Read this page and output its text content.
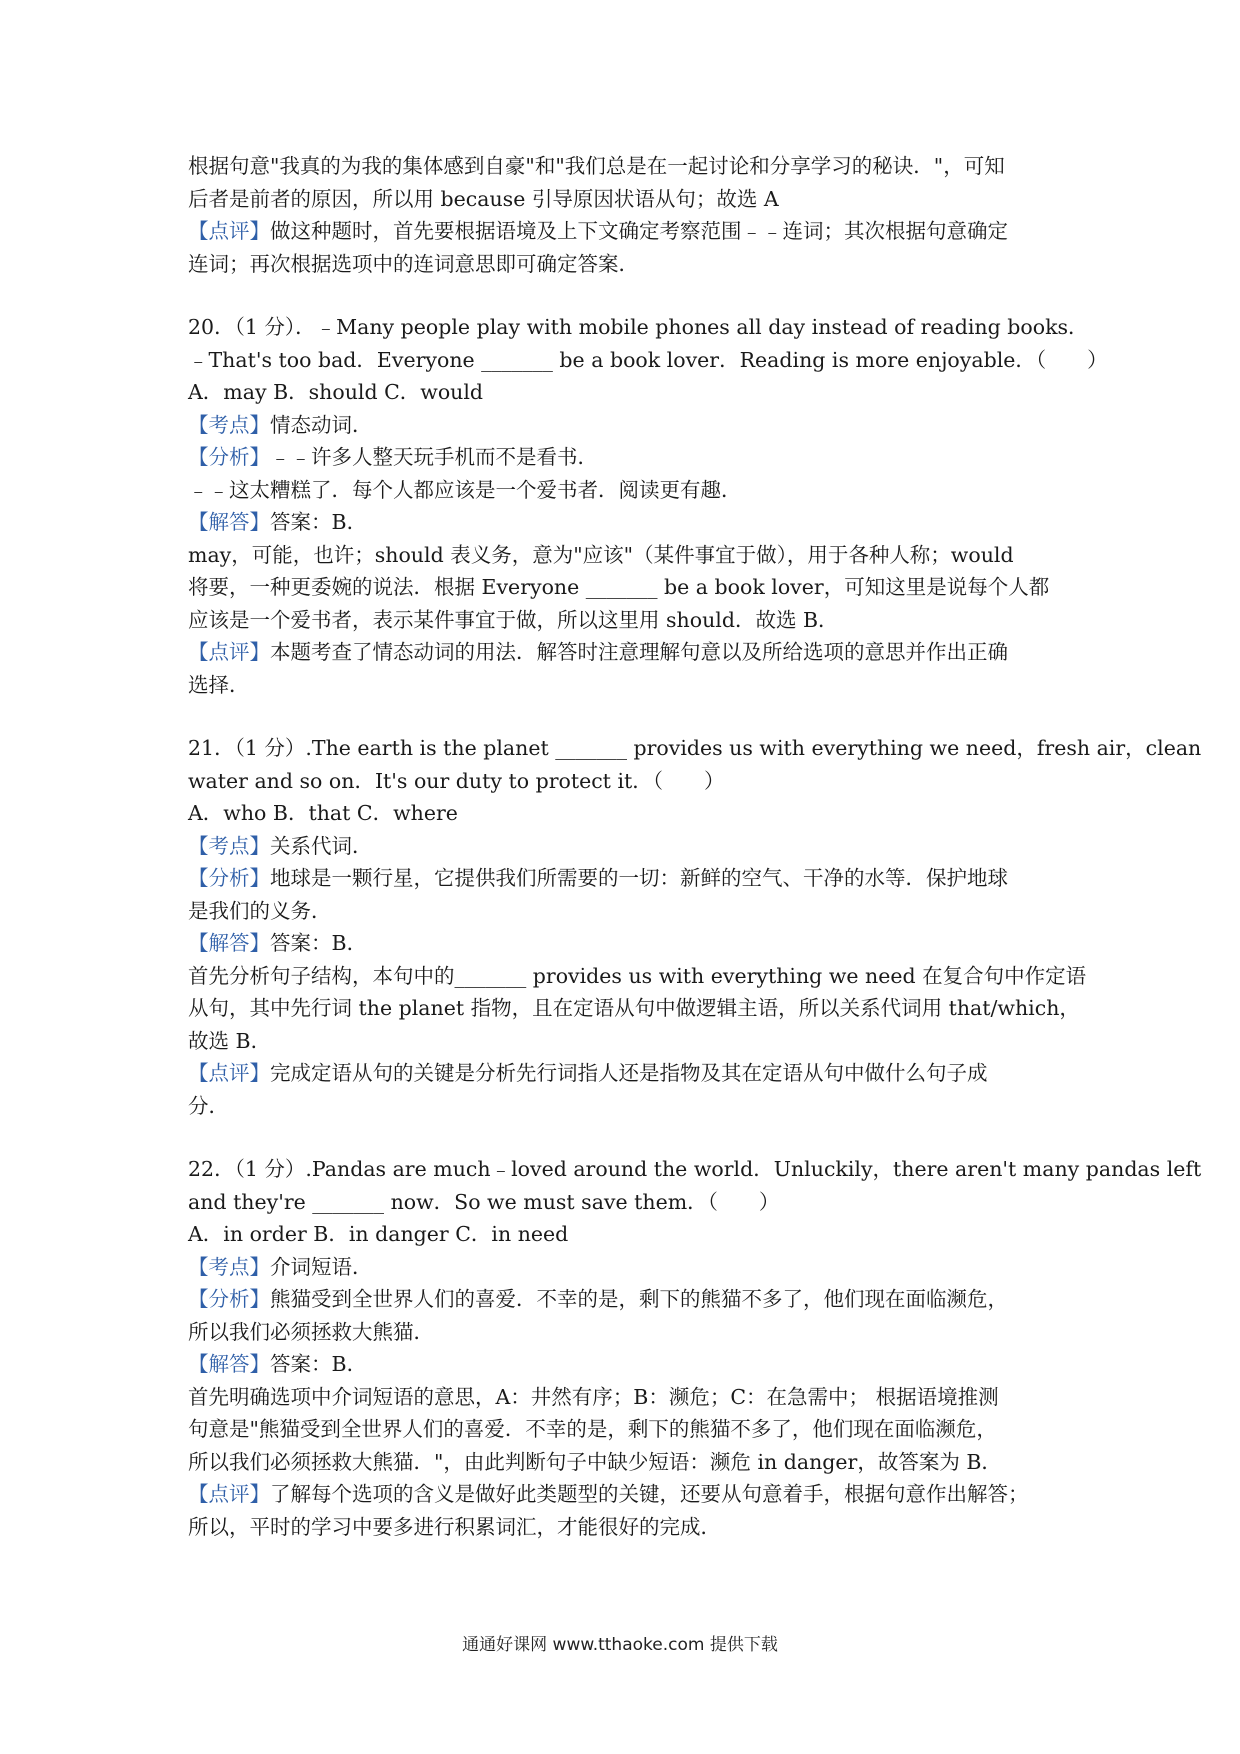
根据句意"我真的为我的集体感到自豪"和"我们总是在一起讨论和分享学习的秘诀．"，可知
后者是前者的原因，所以用 because 引导原因状语从句；故选 A
【点评】做这种题时，首先要根据语境及上下文确定考察范围﹣﹣连词；其次根据句意确定
连词；再次根据选项中的连词意思即可确定答案．
20．（1 分）．﹣Many people play with mobile phones all day instead of reading books．
﹣That's too bad．Everyone _______ be a book lover．Reading is more enjoyable．（　　）
A．may B．should C．would
【考点】情态动词．
【分析】﹣﹣许多人整天玩手机而不是看书．
﹣﹣这太糟糕了．每个人都应该是一个爱书者．阅读更有趣．
【解答】答案：B．
may，可能，也许；should 表义务，意为"应该"（某件事宜于做），用于各种人称；would
将要，一种更委婉的说法．根据 Everyone _______ be a book lover，可知这里是说每个人都
应该是一个爱书者，表示某件事宜于做，所以这里用 should．故选 B．
【点评】本题考查了情态动词的用法．解答时注意理解句意以及所给选项的意思并作出正确
选择．
21．（1 分）.The earth is the planet _______ provides us with everything we need，fresh air，clean
water and so on．It's our duty to protect it．（　　）
A．who B．that C．where
【考点】关系代词．
【分析】地球是一颗行星，它提供我们所需要的一切：新鲜的空气、干净的水等．保护地球
是我们的义务．
【解答】答案：B．
首先分析句子结构，本句中的_______ provides us with everything we need 在复合句中作定语
从句，其中先行词 the planet 指物，且在定语从句中做逻辑主语，所以关系代词用 that/which，
故选 B．
【点评】完成定语从句的关键是分析先行词指人还是指物及其在定语从句中做什么句子成
分．
22．（1 分）.Pandas are much﹣loved around the world．Unluckily，there aren't many pandas left
and they're _______ now．So we must save them．（　　）
A．in order B．in danger C．in need
【考点】介词短语．
【分析】熊猫受到全世界人们的喜爱．不幸的是，剩下的熊猫不多了，他们现在面临濒危，
所以我们必须拯救大熊猫．
【解答】答案：B．
首先明确选项中介词短语的意思，A：井然有序；B：濒危；C：在急需中； 根据语境推测
句意是"熊猫受到全世界人们的喜爱．不幸的是，剩下的熊猫不多了，他们现在面临濒危，
所以我们必须拯救大熊猫．"，由此判断句子中缺少短语：濒危 in danger，故答案为 B．
【点评】了解每个选项的含义是做好此类题型的关键，还要从句意着手，根据句意作出解答；
所以，平时的学习中要多进行积累词汇，才能很好的完成．
通通好课网 www.tthaoke.com 提供下载
